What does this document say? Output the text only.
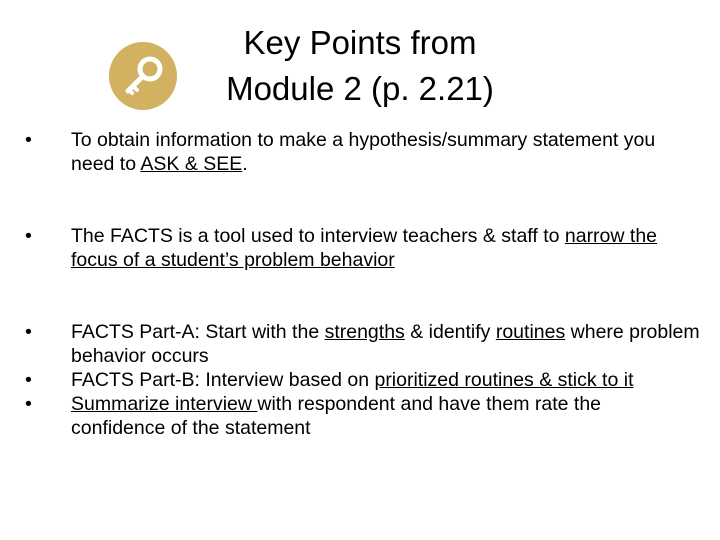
Key Points from
Module 2 (p. 2.21)
•	To obtain information to make a hypothesis/summary statement you need to ASK & SEE.
•	The FACTS is a tool used to interview teachers & staff to narrow the focus of a student’s problem behavior
•	FACTS Part-A: Start with the strengths & identify routines where problem behavior occurs
•	FACTS Part-B: Interview based on prioritized routines & stick to it
•	Summarize interview with respondent and have them rate the confidence of the statement
